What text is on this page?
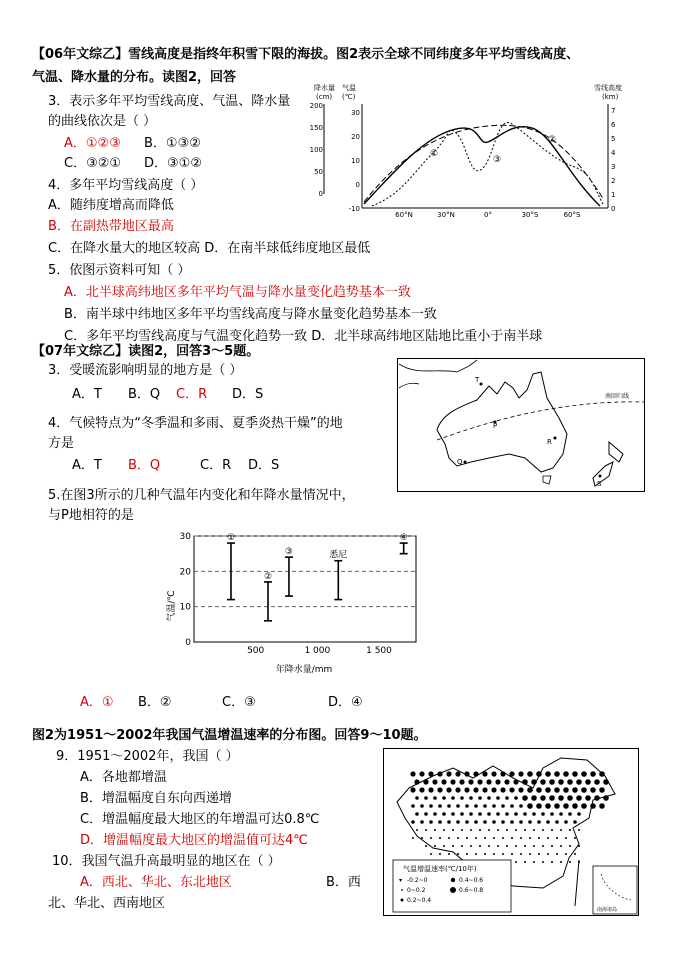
【06年文综乙】雪线高度是指终年积雪下限的海拔。图2表示全球不同纬度多年平均雪线高度、
气温、降水量的分布。读图2，回答
3．表示多年平均雪线高度、气温、降水量
的曲线依次是（ ）
A．①②③ B．①③②
C．③②① D．③①②
4．多年平均雪线高度（ ）
A．随纬度增高而降低
B．在副热带地区最高
C．在降水量大的地区较高 D．在南半球低纬度地区最低
5．依图示资料可知（ ）
A．北半球高纬地区多年平均气温与降水量变化趋势基本一致
B．南半球中纬地区多年平均雪线高度与降水量变化趋势基本一致
C．多年平均雪线高度与气温变化趋势一致 D．北半球高纬地区陆地比重小于南半球
降水量
(cm)
气温
(℃)
雪线高度
(km)
200
150
100
50
0
30
20
10
0
-10
7
6
5
4
3
2
1
0
60°N	30°N	0°	30°S	60°S
①
②
③
【07年文综乙】读图2，回答3～5题。
3．受暖流影响明显的地方是（ ）
A．T B．Q C．R D．S
4．气候特点为“冬季温和多雨、夏季炎热干燥”的地
方是
A．T B．Q	C．R D．S
5.在图3所示的几种气温年内变化和年降水量情况中，
与P地相符的是
南回归线
T
P
R
Q
S
30
20
10
0
500	1 000	1 500
①
②
③	悉尼
④
气温/℃
年降水量/mm
A．① B．②	C．③	D．④
图2为1951～2002年我国气温增温速率的分布图。回答9～10题。
9．1951～2002年，我国（ ）
A．各地都增温
B．增温幅度自东向西递增
C．增温幅度最大地区的年增温可达0.8℃
D．增温幅度最大地区的增温值可达4℃
10．我国气温升高最明显的地区在（ ）
A．西北、华北、东北地区	B．西
北、华北、西南地区
气温增温速率(℃/10年)
▾ -0.2~0	0.4~0.6
0~0.2	0.6~0.8
0.2~0.4
南海诸岛
